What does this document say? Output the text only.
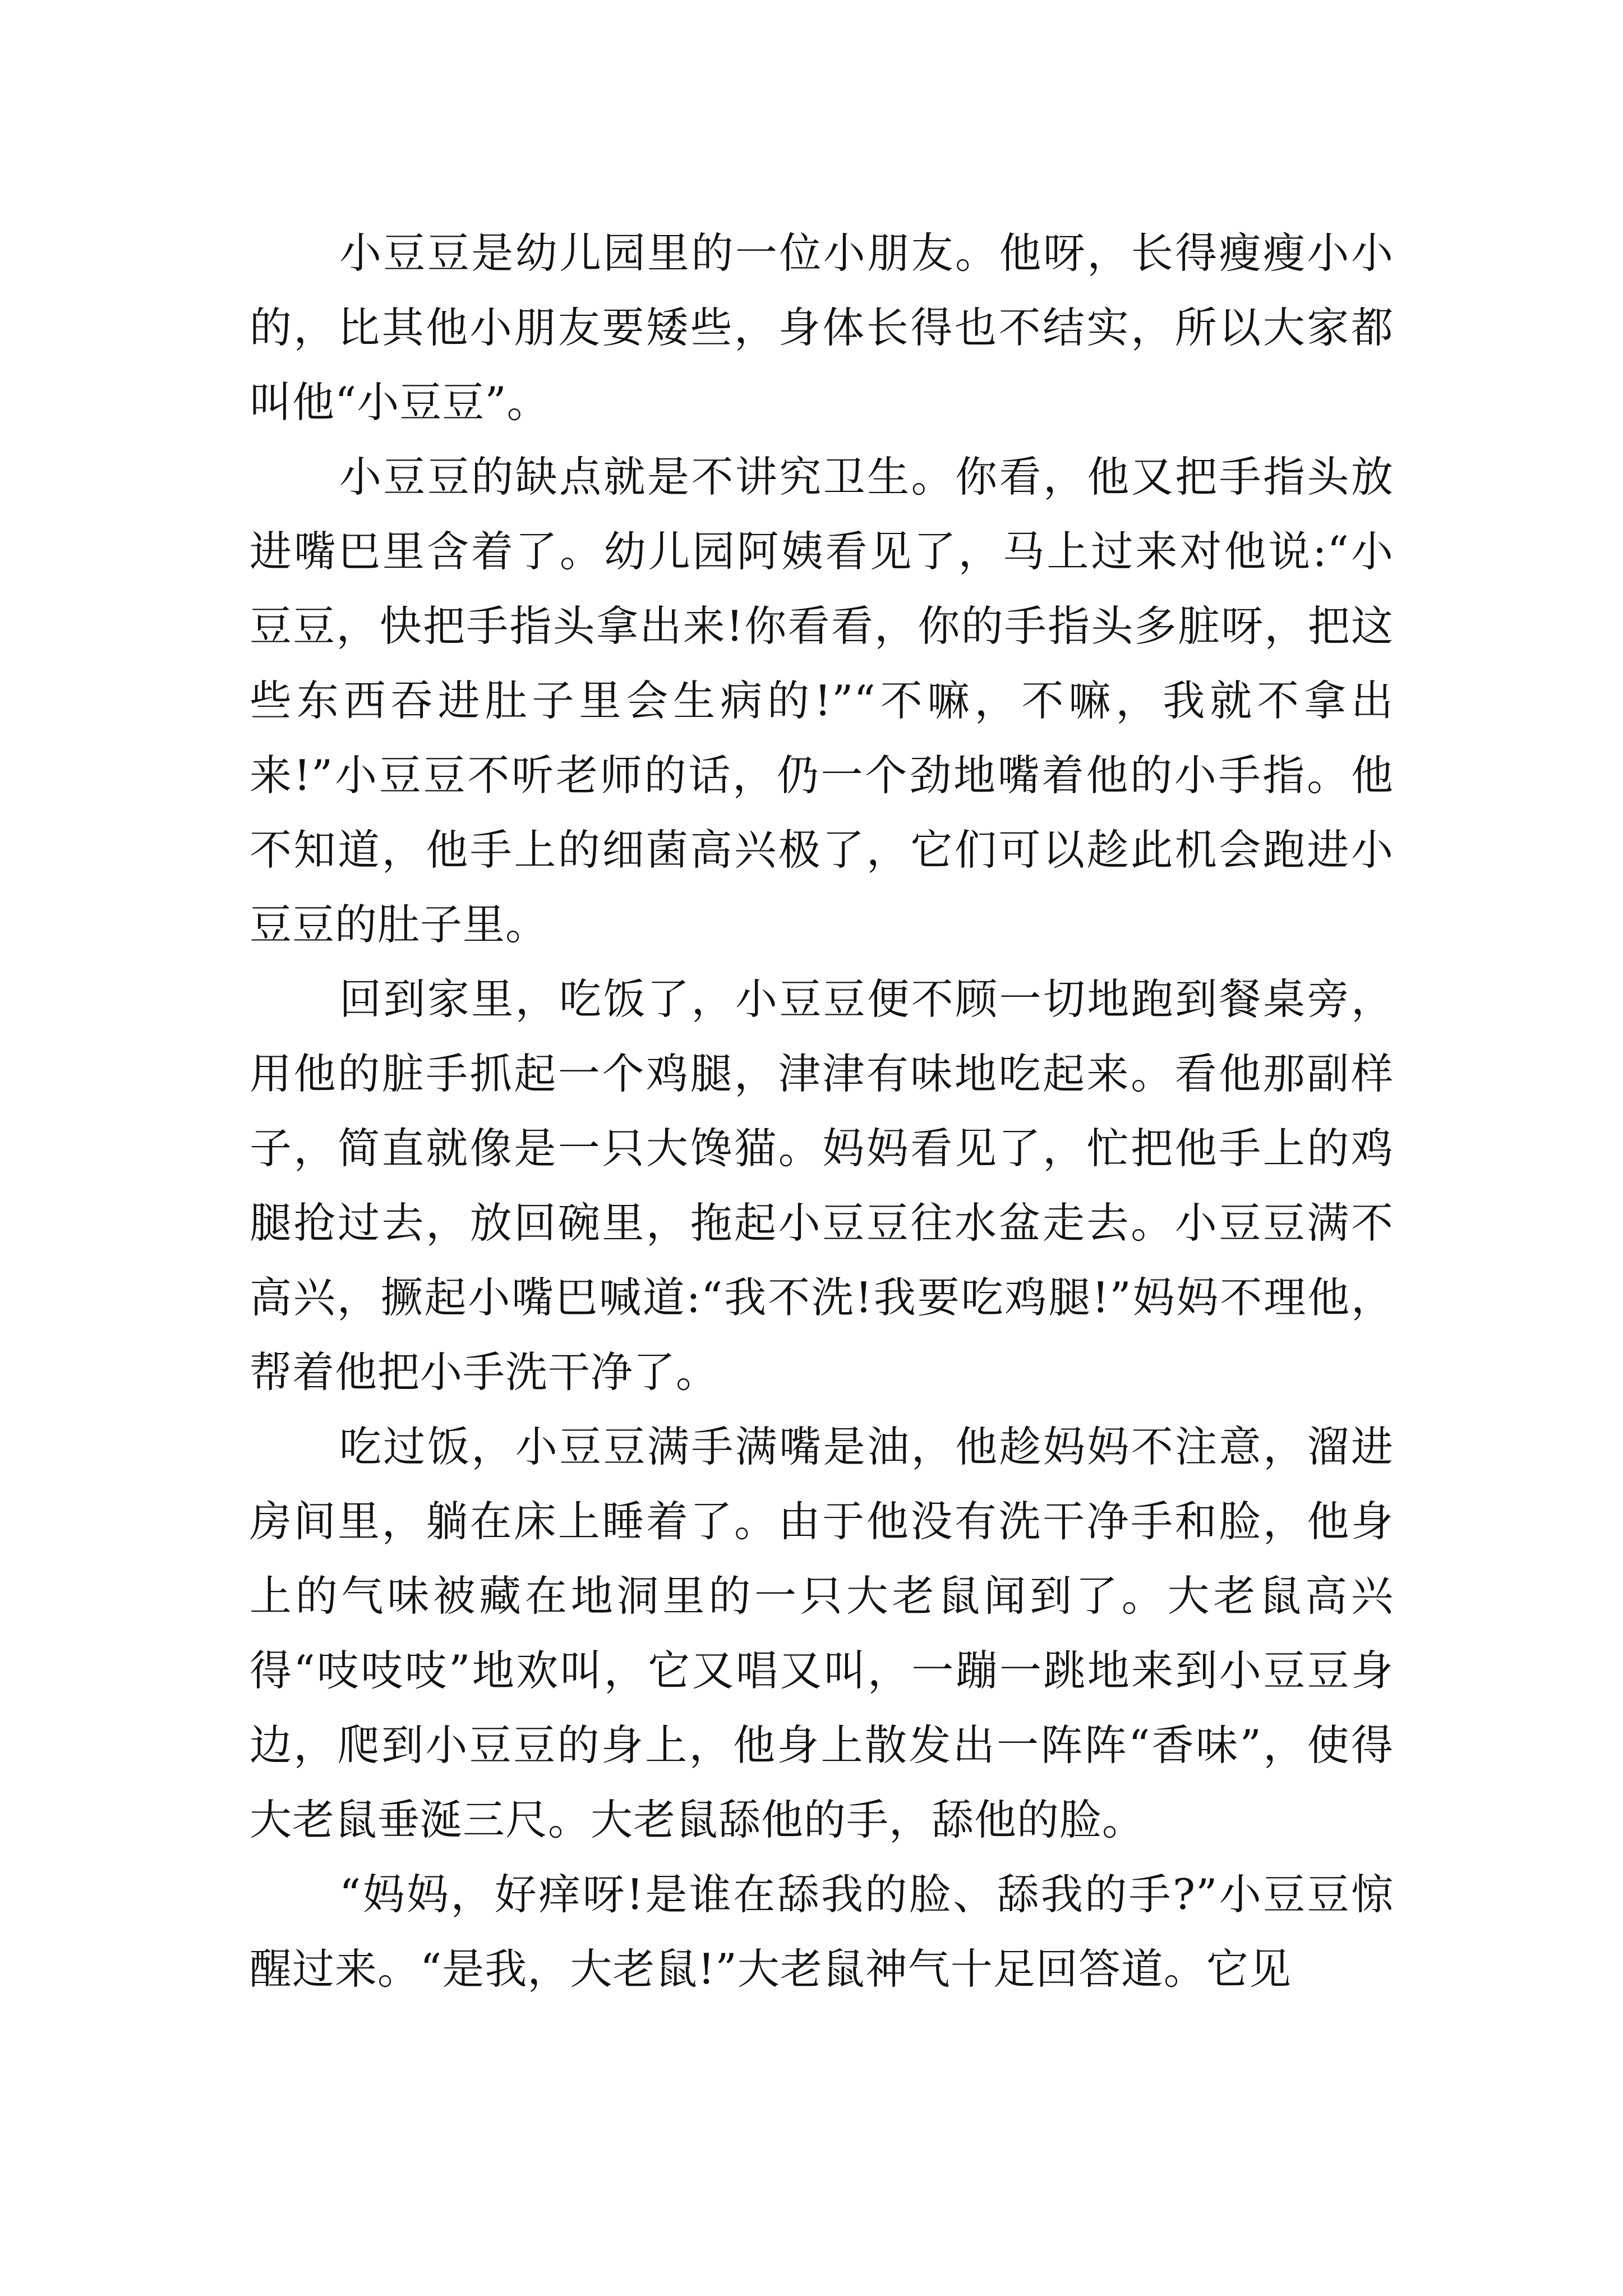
小豆豆是幼儿园里的一位小朋友。他呀，长得瘦瘦小小的，比其他小朋友要矮些，身体长得也不结实，所以大家都叫他“小豆豆”。

小豆豆的缺点就是不讲究卫生。你看，他又把手指头放进嘴巴里含着了。幼儿园阿姨看见了，马上过来对他说:“小豆豆，快把手指头拿出来!你看看，你的手指头多脏呀，把这些东西吞进肚子里会生病的!”“不嘛，不嘛，我就不拿出来!”小豆豆不听老师的话，仍一个劲地嘴着他的小手指。他不知道，他手上的细菌高兴极了，它们可以趁此机会跑进小豆豆的肚子里。

回到家里，吃饭了，小豆豆便不顾一切地跑到餐桌旁，用他的脏手抓起一个鸡腿，津津有味地吃起来。看他那副样子，简直就像是一只大馋猫。妈妈看见了，忙把他手上的鸡腿抢过去，放回碗里，拖起小豆豆往水盆走去。小豆豆满不高兴，撅起小嘴巴喊道:“我不洗!我要吃鸡腿!”妈妈不理他，帮着他把小手洗干净了。

吃过饭，小豆豆满手满嘴是油，他趁妈妈不注意，溜进房间里，躺在床上睡着了。由于他没有洗干净手和脸，他身上的气味被藏在地洞里的一只大老鼠闻到了。大老鼠高兴得“吱吱吱”地欢叫，它又唱又叫，一蹦一跳地来到小豆豆身边，爬到小豆豆的身上，他身上散发出一阵阵“香味”，使得大老鼠垂涎三尺。大老鼠舔他的手，舔他的脸。

“妈妈，好痒呀!是谁在舔我的脸、舔我的手?”小豆豆惊醒过来。“是我，大老鼠!”大老鼠神气十足回答道。它见
